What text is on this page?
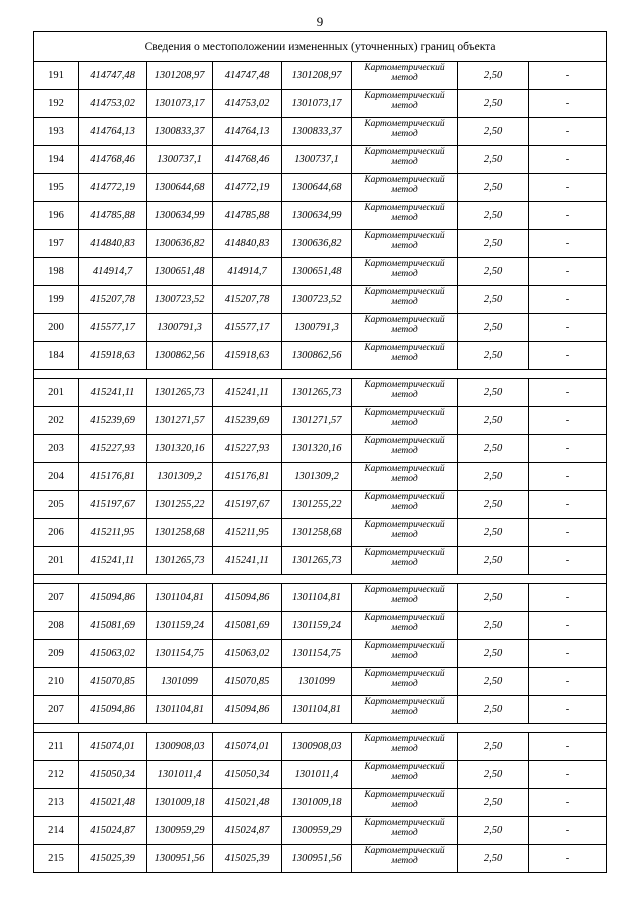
9
Сведения о местоположении измененных (уточненных) границ объекта							
191	414747,48	1301208,97	414747,48	1301208,97	Картометрический метод	2,50	-
192	414753,02	1301073,17	414753,02	1301073,17	Картометрический метод	2,50	-
193	414764,13	1300833,37	414764,13	1300833,37	Картометрический метод	2,50	-
194	414768,46	1300737,1	414768,46	1300737,1	Картометрический метод	2,50	-
195	414772,19	1300644,68	414772,19	1300644,68	Картометрический метод	2,50	-
196	414785,88	1300634,99	414785,88	1300634,99	Картометрический метод	2,50	-
197	414840,83	1300636,82	414840,83	1300636,82	Картометрический метод	2,50	-
198	414914,7	1300651,48	414914,7	1300651,48	Картометрический метод	2,50	-
199	415207,78	1300723,52	415207,78	1300723,52	Картометрический метод	2,50	-
200	415577,17	1300791,3	415577,17	1300791,3	Картометрический метод	2,50	-
184	415918,63	1300862,56	415918,63	1300862,56	Картометрический метод	2,50	-

201	415241,11	1301265,73	415241,11	1301265,73	Картометрический метод	2,50	-
202	415239,69	1301271,57	415239,69	1301271,57	Картометрический метод	2,50	-
203	415227,93	1301320,16	415227,93	1301320,16	Картометрический метод	2,50	-
204	415176,81	1301309,2	415176,81	1301309,2	Картометрический метод	2,50	-
205	415197,67	1301255,22	415197,67	1301255,22	Картометрический метод	2,50	-
206	415211,95	1301258,68	415211,95	1301258,68	Картометрический метод	2,50	-
201	415241,11	1301265,73	415241,11	1301265,73	Картометрический метод	2,50	-

207	415094,86	1301104,81	415094,86	1301104,81	Картометрический метод	2,50	-
208	415081,69	1301159,24	415081,69	1301159,24	Картометрический метод	2,50	-
209	415063,02	1301154,75	415063,02	1301154,75	Картометрический метод	2,50	-
210	415070,85	1301099	415070,85	1301099	Картометрический метод	2,50	-
207	415094,86	1301104,81	415094,86	1301104,81	Картометрический метод	2,50	-

211	415074,01	1300908,03	415074,01	1300908,03	Картометрический метод	2,50	-
212	415050,34	1301011,4	415050,34	1301011,4	Картометрический метод	2,50	-
213	415021,48	1301009,18	415021,48	1301009,18	Картометрический метод	2,50	-
214	415024,87	1300959,29	415024,87	1300959,29	Картометрический метод	2,50	-
215	415025,39	1300951,56	415025,39	1300951,56	Картометрический метод	2,50	-
